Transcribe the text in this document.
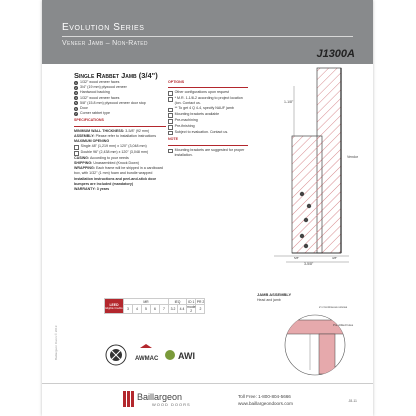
Evolution Series
Veneer Jamb – Non-Rated
J1300A
Single Rabbet Jamb (3/4")
1 1/32" wood veneer faces
2 3/4" (19 mm) plywood veneer
3 Hardwood backing
4 1/32" wood veneer faces
5 5/8" (15.8 mm) plywood veneer door stop
6 Door
7 Corner rabbet type
SPECIFICATIONS
MINIMUM WALL THICKNESS: 3-5/8" (92 mm)
ASSEMBLY: Please refer to installation instructions
MAXIMUM OPENING
Single 48" (1,219 mm) x 120" (3,048 mm)
Double 96" (2,438 mm) x 120" (3,048 mm)
CASING: According to your needs
SHIPPING: Unassembled (Knock Down)
WRAPPING: Each frame will be shipped in a cardboard box, with 1/32" (1 mm) foam and bundle wrapped
Installation instructions and peel-and-stick door bumpers are included (mandatory)
WARRANTY: 3 years
OPTIONS
Other configurations upon request
* M.R. 1-1/8-2 according to project location (ion. Contact us.
** To get 4 Q 4-4, specify NAUF jamb
Mounting brackets available
Pre-machining
Pre-finishing
Subject to evaluation. Contact us.
NOTE
Mounting brackets are suggested for proper installation.
LEED
Eligible Credits	MR					IEQ		ID 1	PR 2
	3	4	5	6	7	3.2	4.4	mode 2	2
AWMAC AWI
Baillargeon Doors © 2019
Baillargeon
WOOD DOORS
Toll Free: 1-800-804-5666
www.baillargeondoors.com	J8-11
1-1/8"
3-5/8"
5/8"	3/8"
Vendor
JAMB ASSEMBLY
Head and jamb
2 x Continuous screws
Pre-drilled holes
